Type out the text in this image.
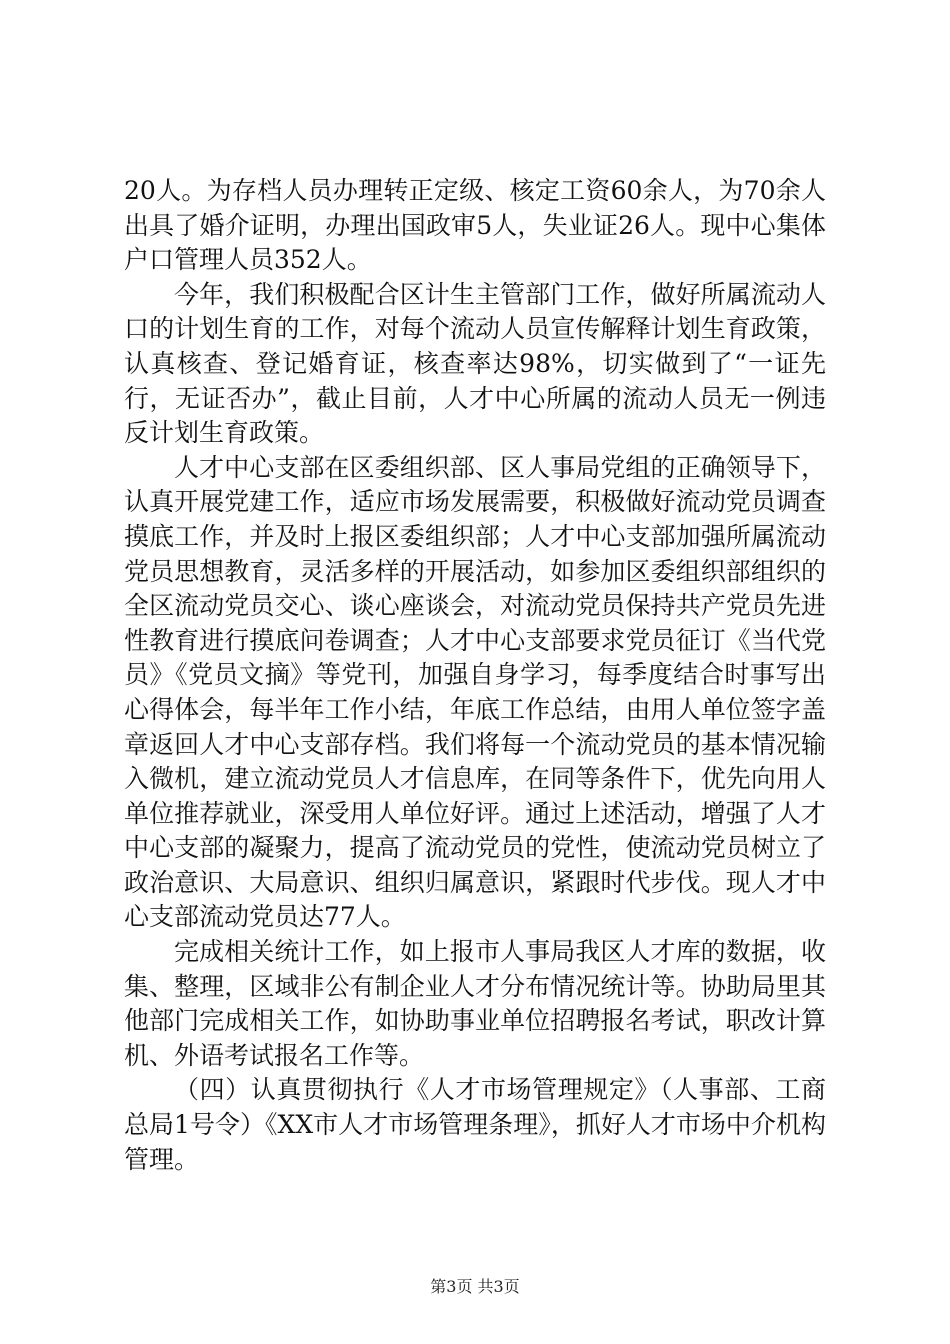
20人。为存档人员办理转正定级、核定工资60余人，为70余人出具了婚介证明，办理出国政审5人，失业证26人。现中心集体户口管理人员352人。

今年，我们积极配合区计生主管部门工作，做好所属流动人口的计划生育的工作，对每个流动人员宣传解释计划生育政策，认真核查、登记婚育证，核查率达98%，切实做到了“一证先行，无证否办”，截止目前，人才中心所属的流动人员无一例违反计划生育政策。

人才中心支部在区委组织部、区人事局党组的正确领导下，认真开展党建工作，适应市场发展需要，积极做好流动党员调查摸底工作，并及时上报区委组织部；人才中心支部加强所属流动党员思想教育，灵活多样的开展活动，如参加区委组织部组织的全区流动党员交心、谈心座谈会，对流动党员保持共产党员先进性教育进行摸底问卷调查；人才中心支部要求党员征订《当代党员》《党员文摘》等党刊，加强自身学习，每季度结合时事写出心得体会，每半年工作小结，年底工作总结，由用人单位签字盖章返回人才中心支部存档。我们将每一个流动党员的基本情况输入微机，建立流动党员人才信息库，在同等条件下，优先向用人单位推荐就业，深受用人单位好评。通过上述活动，增强了人才中心支部的凝聚力，提高了流动党员的党性，使流动党员树立了政治意识、大局意识、组织归属意识，紧跟时代步伐。现人才中心支部流动党员达77人。

完成相关统计工作，如上报市人事局我区人才库的数据，收集、整理，区域非公有制企业人才分布情况统计等。协助局里其他部门完成相关工作，如协助事业单位招聘报名考试，职改计算机、外语考试报名工作等。

（四）认真贯彻执行《人才市场管理规定》（人事部、工商总局1号令）《XX市人才市场管理条理》，抓好人才市场中介机构管理。

第3页 共3页
